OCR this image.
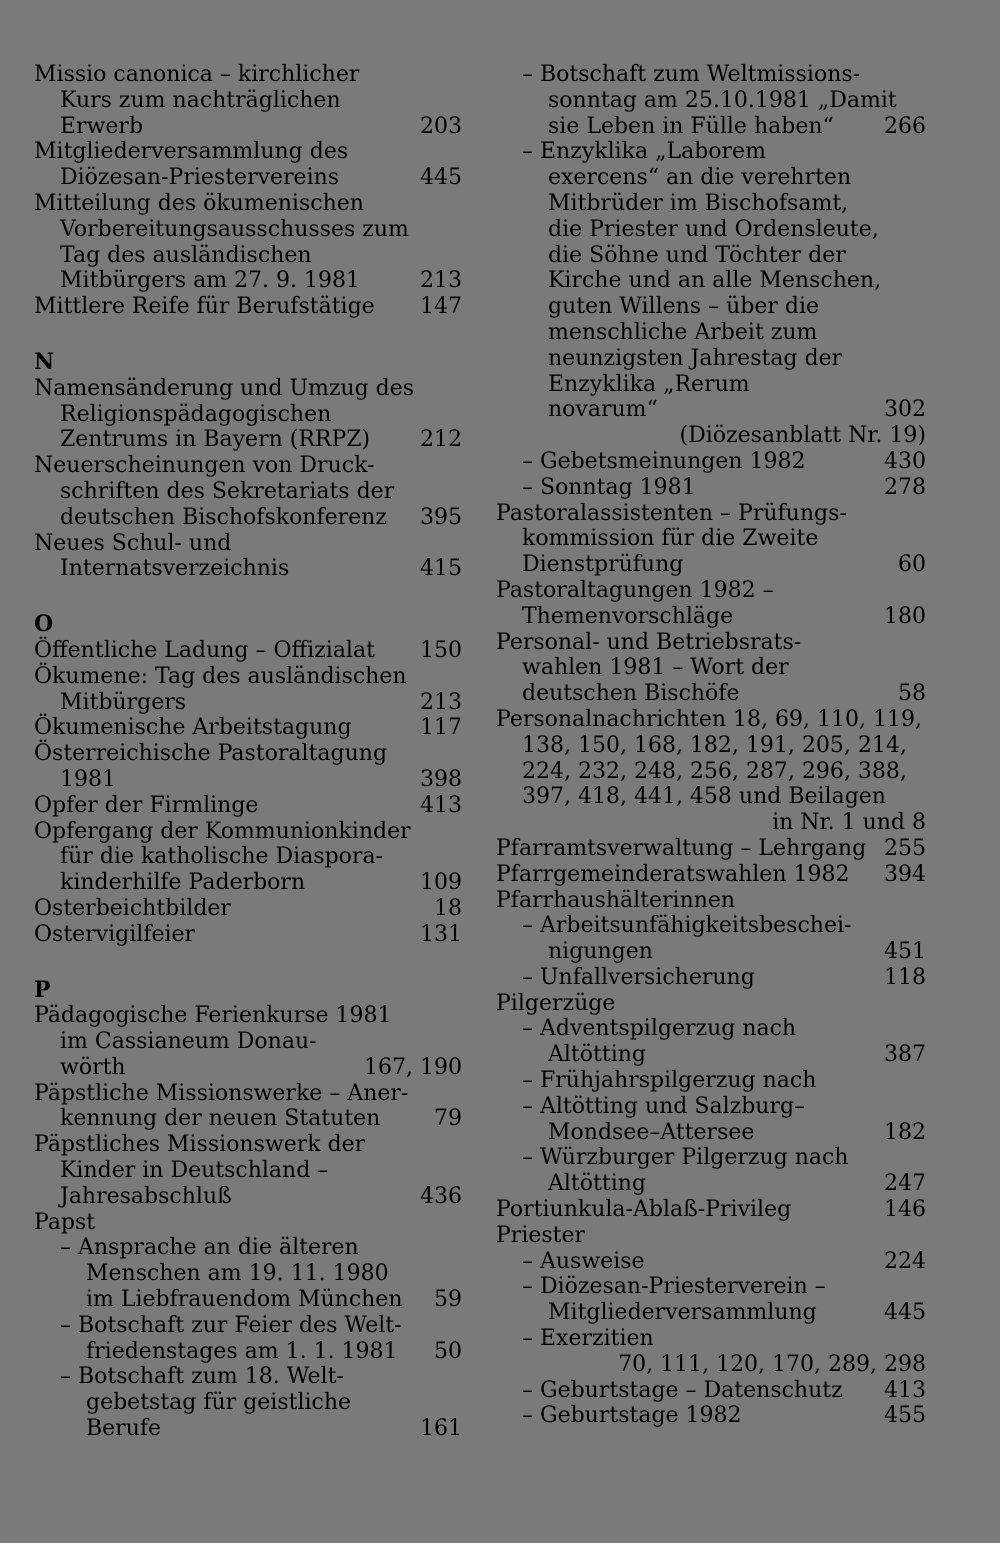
Missio canonica – kirchlicher
Kurs zum nachträglichen
Erwerb	203
Mitgliederversammlung des
Diözesan-Priestervereins	445
Mitteilung des ökumenischen
Vorbereitungsausschusses zum
Tag des ausländischen
Mitbürgers am 27. 9. 1981	213
Mittlere Reife für Berufstätige	147
N
Namensänderung und Umzug des
Religionspädagogischen
Zentrums in Bayern (RRPZ)	212
Neuerscheinungen von Druck-
schriften des Sekretariats der
deutschen Bischofskonferenz	395
Neues Schul- und
Internatsverzeichnis	415
O
Öffentliche Ladung – Offizialat	150
Ökumene: Tag des ausländischen
Mitbürgers	213
Ökumenische Arbeitstagung	117
Österreichische Pastoraltagung
1981	398
Opfer der Firmlinge	413
Opfergang der Kommunionkinder
für die katholische Diaspora-
kinderhilfe Paderborn	109
Osterbeichtbilder	18
Ostervigilfeier	131
P
Pädagogische Ferienkurse 1981
im Cassianeum Donau-
wörth	167, 190
Päpstliche Missionswerke – Aner-
kennung der neuen Statuten	79
Päpstliches Missionswerk der
Kinder in Deutschland –
Jahresabschluß	436
Papst
– Ansprache an die älteren
Menschen am 19. 11. 1980
im Liebfrauendom München	59
– Botschaft zur Feier des Welt-
friedenstages am 1. 1. 1981	50
– Botschaft zum 18. Welt-
gebetstag für geistliche
Berufe	161
– Botschaft zum Weltmissions-
sonntag am 25.10.1981 „Damit
sie Leben in Fülle haben“	266
– Enzyklika „Laborem
exercens“ an die verehrten
Mitbrüder im Bischofsamt,
die Priester und Ordensleute,
die Söhne und Töchter der
Kirche und an alle Menschen,
guten Willens – über die
menschliche Arbeit zum
neunzigsten Jahrestag der
Enzyklika „Rerum
novarum“	302
(Diözesanblatt Nr. 19)
– Gebetsmeinungen 1982	430
– Sonntag 1981	278
Pastoralassistenten – Prüfungs-
kommission für die Zweite
Dienstprüfung	60
Pastoraltagungen 1982 –
Themenvorschläge	180
Personal- und Betriebsrats-
wahlen 1981 – Wort der
deutschen Bischöfe	58
Personalnachrichten 18, 69, 110, 119,
138, 150, 168, 182, 191, 205, 214,
224, 232, 248, 256, 287, 296, 388,
397, 418, 441, 458 und Beilagen
in Nr. 1 und 8
Pfarramtsverwaltung – Lehrgang 255
Pfarrgemeinderatswahlen 1982	394
Pfarrhaushälterinnen
– Arbeitsunfähigkeitsbeschei-
nigungen	451
– Unfallversicherung	118
Pilgerzüge
– Adventspilgerzug nach
Altötting	387
– Frühjahrspilgerzug nach
– Altötting und Salzburg–
Mondsee–Attersee	182
– Würzburger Pilgerzug nach
Altötting	247
Portiunkula-Ablaß-Privileg	146
Priester
– Ausweise	224
– Diözesan-Priesterverein –
Mitgliederversammlung	445
– Exerzitien
70, 111, 120, 170, 289, 298
– Geburtstage – Datenschutz	413
– Geburtstage 1982	455
